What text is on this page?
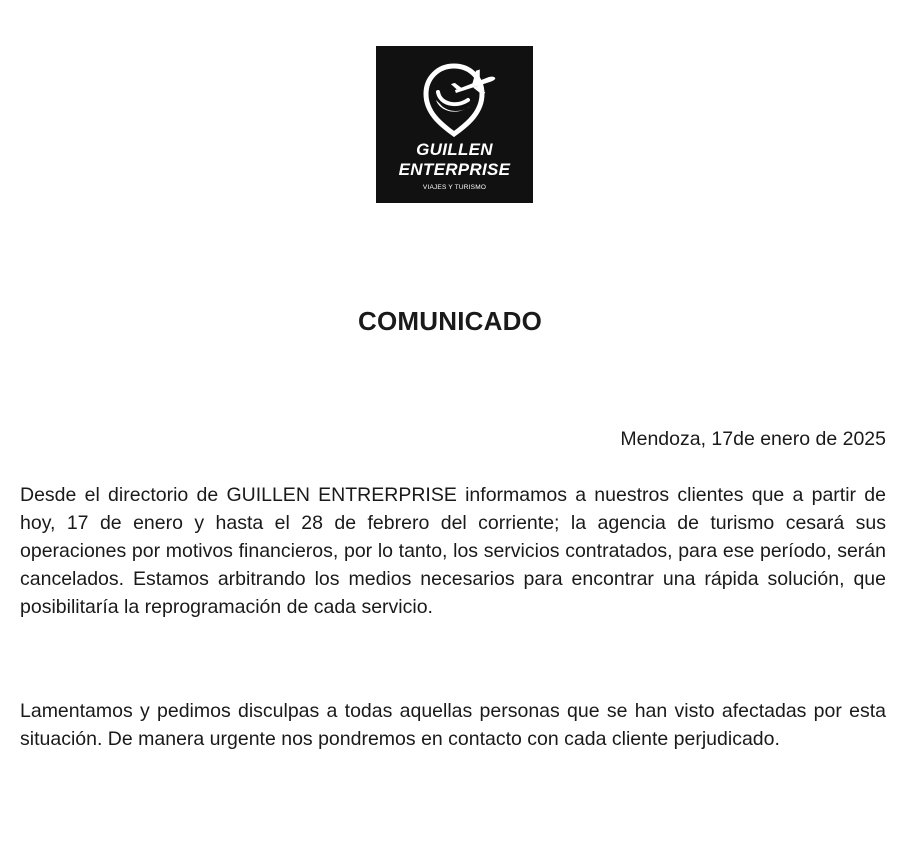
GUILLEN
ENTERPRISE
VIAJES Y TURISMO
COMUNICADO

Mendoza, 17de enero de 2025

Desde el directorio de GUILLEN ENTRERPRISE informamos a nuestros clientes que a partir de hoy, 17 de enero y hasta el 28 de febrero del corriente; la agencia de turismo cesará sus operaciones por motivos financieros, por lo tanto, los servicios contratados, para ese período, serán cancelados. Estamos arbitrando los medios necesarios para encontrar una rápida solución, que posibilitaría la reprogramación de cada servicio.

Lamentamos y pedimos disculpas a todas aquellas personas que se han visto afectadas por esta situación. De manera urgente nos pondremos en contacto con cada cliente perjudicado.
